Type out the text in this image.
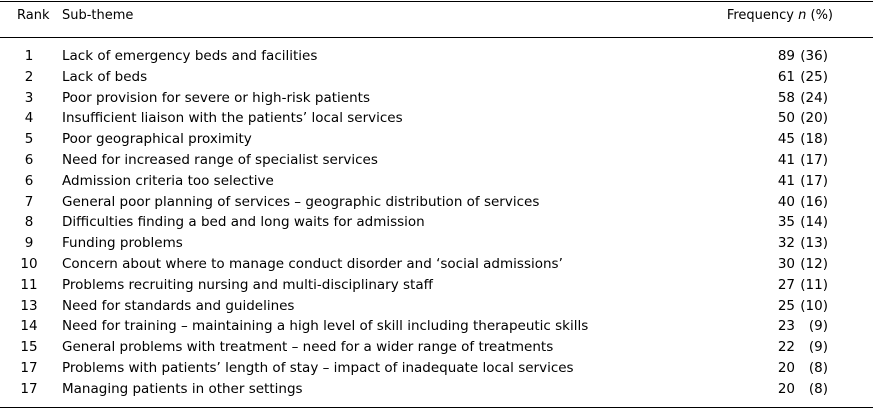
Rank Sub-theme	Frequency n (%)
1	Lack of emergency beds and facilities	89 (36)
2	Lack of beds	61 (25)
3	Poor provision for severe or high-risk patients	58 (24)
4	Insufficient liaison with the patients’ local services	50 (20)
5	Poor geographical proximity	45 (18)
6	Need for increased range of specialist services	41 (17)
6	Admission criteria too selective	41 (17)
7	General poor planning of services – geographic distribution of services	40 (16)
8	Difficulties finding a bed and long waits for admission	35 (14)
9	Funding problems	32 (13)
10	Concern about where to manage conduct disorder and ‘social admissions’	30 (12)
11	Problems recruiting nursing and multi-disciplinary staff	27 (11)
13	Need for standards and guidelines	25 (10)
14	Need for training – maintaining a high level of skill including therapeutic skills	23	(9)
15	General problems with treatment – need for a wider range of treatments	22	(9)
17	Problems with patients’ length of stay – impact of inadequate local services	20	(8)
17	Managing patients in other settings	20	(8)
